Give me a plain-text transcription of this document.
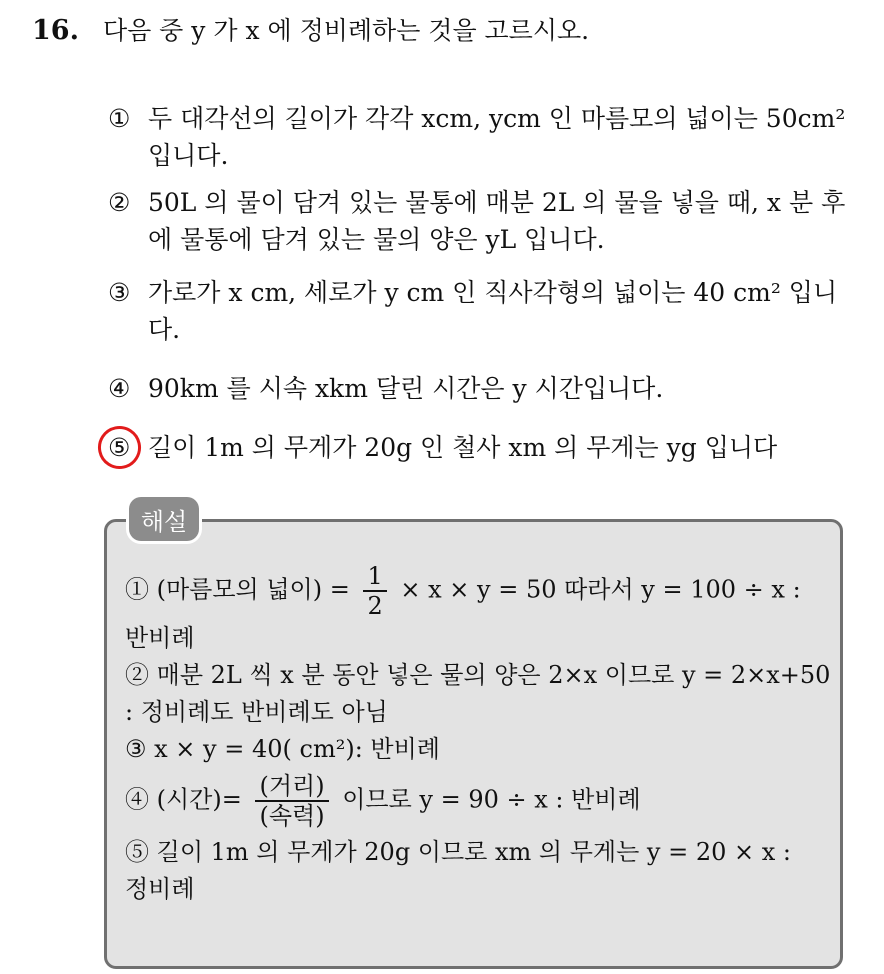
16. 다음 중 y 가 x 에 정비례하는 것을 고르시오.
① 두 대각선의 길이가 각각 xcm, ycm 인 마름모의 넓이는 50cm² 입니다.
② 50L 의 물이 담겨 있는 물통에 매분 2L 의 물을 넣을 때, x 분 후에 물통에 담겨 있는 물의 양은 yL 입니다.
③ 가로가 x cm, 세로가 y cm 인 직사각형의 넓이는 40 cm² 입니다.
④ 90km 를 시속 xkm 달린 시간은 y 시간입니다.
⑤ 길이 1m 의 무게가 20g 인 철사 xm 의 무게는 yg 입니다
해설
① (마름모의 넓이) = $\frac{1}{2} \times x \times y = 50$ 따라서 y = 100 ÷ x :
반비례
② 매분 2L 씩 x 분 동안 넣은 물의 양은 2×x 이므로 y = 2×x+50
: 정비례도 반비례도 아님
③ x × y = 40( cm²): 반비례
④ (시간)= $\frac{\text{(거리)}}{\text{(속력)}}$ 이므로 y = 90 ÷ x : 반비례
⑤ 길이 1m 의 무게가 20g 이므로 xm 의 무게는 y = 20 × x :
정비례
